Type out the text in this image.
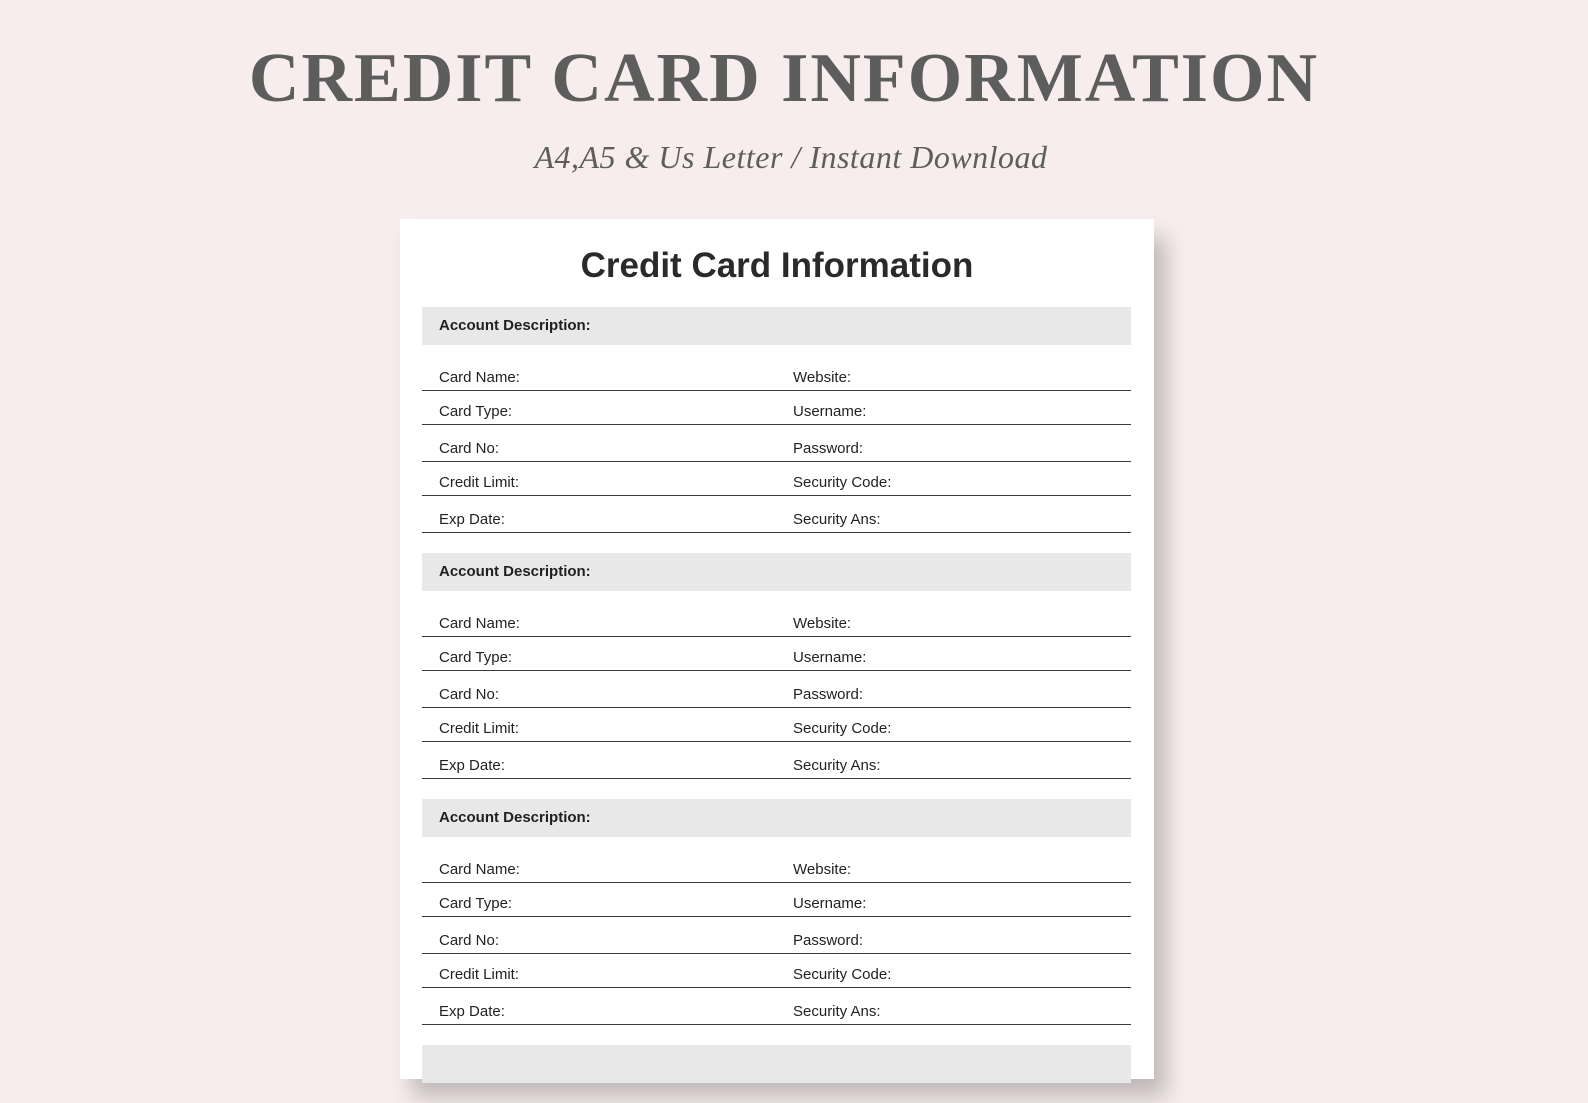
CREDIT CARD INFORMATION
A4,A5 & Us Letter / Instant Download
Credit Card Information
Account Description:
Card Name:	Website:
Card Type:	Username:
Card No:	Password:
Credit Limit:	Security Code:
Exp Date:	Security Ans:
Account Description:
Card Name:	Website:
Card Type:	Username:
Card No:	Password:
Credit Limit:	Security Code:
Exp Date:	Security Ans:
Account Description:
Card Name:	Website:
Card Type:	Username:
Card No:	Password:
Credit Limit:	Security Code:
Exp Date:	Security Ans:
